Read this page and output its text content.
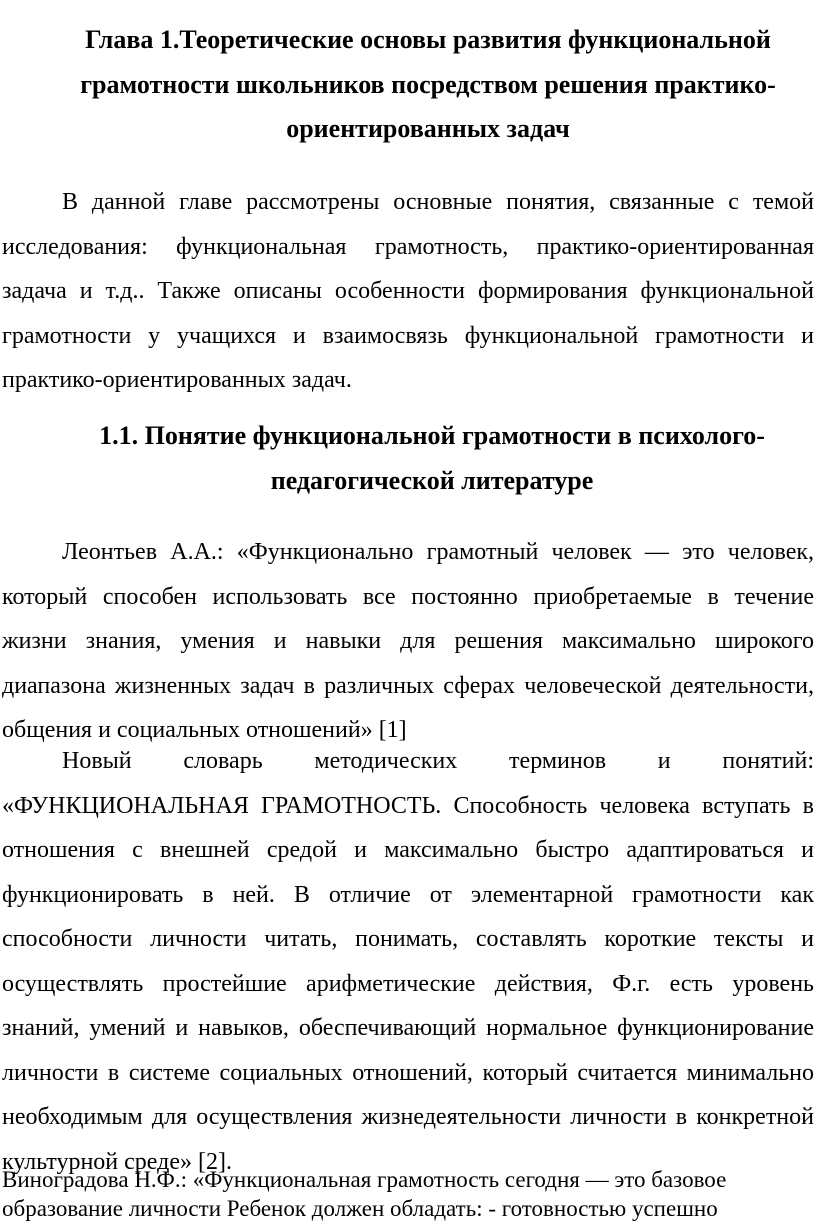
Глава 1.Теоретические основы развития функциональной грамотности школьников посредством решения практико-ориентированных задач

В данной главе рассмотрены основные понятия, связанные с темой исследования: функциональная грамотность, практико-ориентированная задача и т.д.. Также описаны особенности формирования функциональной грамотности у учащихся и взаимосвязь функциональной грамотности и практико-ориентированных задач.

1.1. Понятие функциональной грамотности в психолого-педагогической литературе

Леонтьев А.А.: «Функционально грамотный человек — это человек, который способен использовать все постоянно приобретаемые в течение жизни знания, умения и навыки для решения максимально широкого диапазона жизненных задач в различных сферах человеческой деятельности, общения и социальных отношений» [1]

Новый словарь методических терминов и понятий: «ФУНКЦИОНАЛЬНАЯ ГРАМОТНОСТЬ. Способность человека вступать в отношения с внешней средой и максимально быстро адаптироваться и функционировать в ней. В отличие от элементарной грамотности как способности личности читать, понимать, составлять короткие тексты и осуществлять простейшие арифметические действия, Ф.г. есть уровень знаний, умений и навыков, обеспечивающий нормальное функционирование личности в системе социальных отношений, который считается минимально необходимым для осуществления жизнедеятельности личности в конкретной культурной среде» [2].

Виноградова Н.Ф.: «Функциональная грамотность сегодня — это базовое образование личности Ребенок должен обладать: - готовностью успешно
